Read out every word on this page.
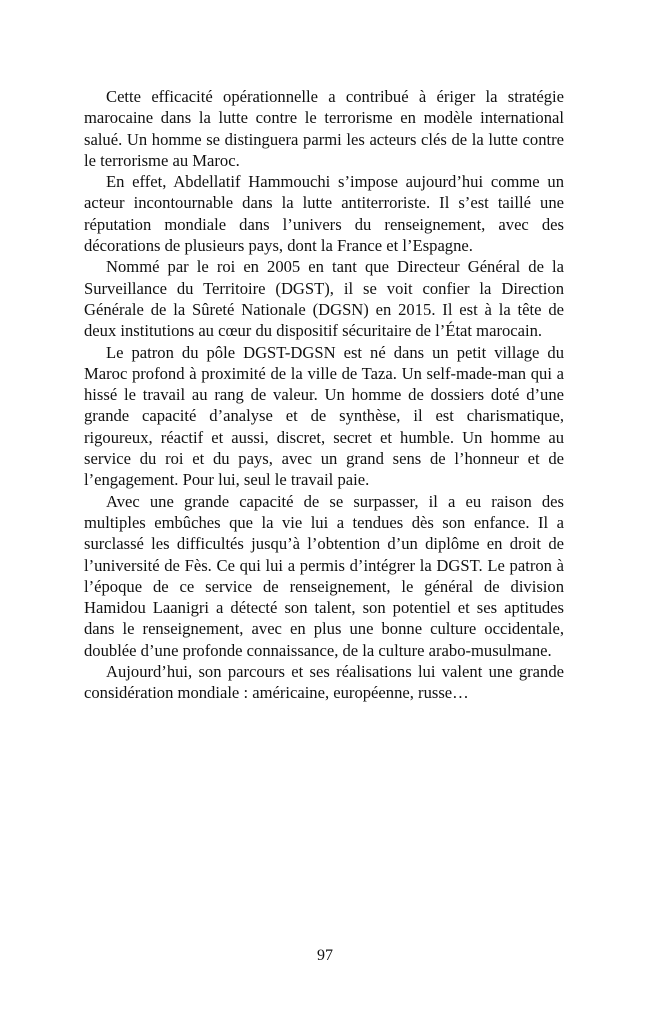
Cette efficacité opérationnelle a contribué à ériger la stratégie marocaine dans la lutte contre le terrorisme en modèle international salué. Un homme se distinguera parmi les acteurs clés de la lutte contre le terrorisme au Maroc.

En effet, Abdellatif Hammouchi s’impose aujourd’hui comme un acteur incontournable dans la lutte antiterroriste. Il s’est taillé une réputation mondiale dans l’univers du renseignement, avec des décorations de plusieurs pays, dont la France et l’Espagne.

Nommé par le roi en 2005 en tant que Directeur Général de la Surveillance du Territoire (DGST), il se voit confier la Direction Générale de la Sûreté Nationale (DGSN) en 2015. Il est à la tête de deux institutions au cœur du dispositif sécuritaire de l’État marocain.

Le patron du pôle DGST-DGSN est né dans un petit village du Maroc profond à proximité de la ville de Taza. Un self-made-man qui a hissé le travail au rang de valeur. Un homme de dossiers doté d’une grande capacité d’analyse et de synthèse, il est charismatique, rigoureux, réactif et aussi, discret, secret et humble. Un homme au service du roi et du pays, avec un grand sens de l’honneur et de l’engagement. Pour lui, seul le travail paie.

Avec une grande capacité de se surpasser, il a eu raison des multiples embûches que la vie lui a tendues dès son enfance. Il a surclassé les difficultés jusqu’à l’obtention d’un diplôme en droit de l’université de Fès. Ce qui lui a permis d’intégrer la DGST. Le patron à l’époque de ce service de renseignement, le général de division Hamidou Laanigri a détecté son talent, son potentiel et ses aptitudes dans le renseignement, avec en plus une bonne culture occidentale, doublée d’une profonde connaissance, de la culture arabo-musulmane.

Aujourd’hui, son parcours et ses réalisations lui valent une grande considération mondiale : américaine, européenne, russe…

97
